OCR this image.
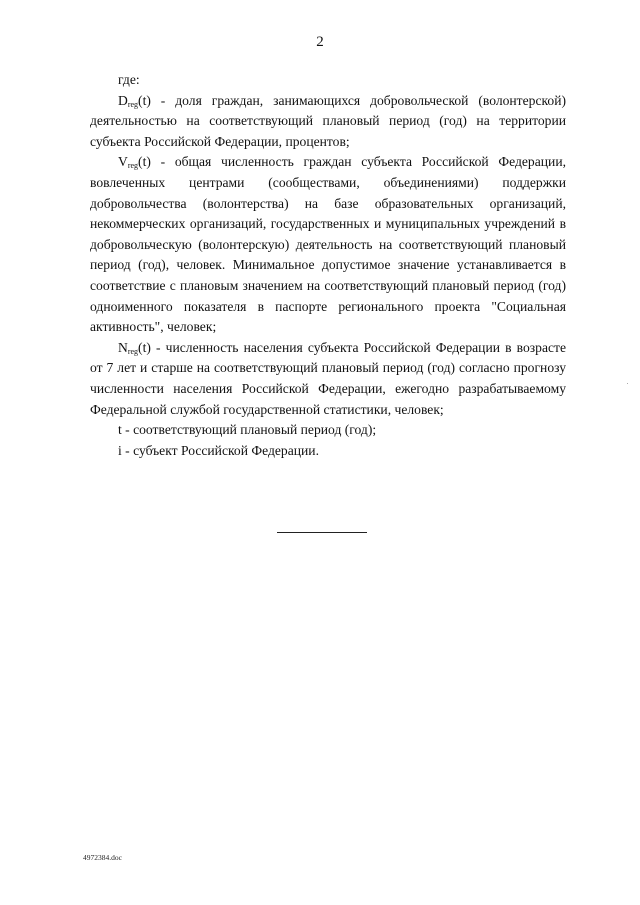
2

где:

$D_{reg}(t)$ - доля граждан, занимающихся добровольческой (волонтерской) деятельностью на соответствующий плановый период (год) на территории субъекта Российской Федерации, процентов;

$V_{reg}(t)$ - общая численность граждан субъекта Российской Федерации, вовлеченных центрами (сообществами, объединениями) поддержки добровольчества (волонтерства) на базе образовательных организаций, некоммерческих организаций, государственных и муниципальных учреждений в добровольческую (волонтерскую) деятельность на соответствующий плановый период (год), человек. Минимальное допустимое значение устанавливается в соответствие с плановым значением на соответствующий плановый период (год) одноименного показателя в паспорте регионального проекта "Социальная активность", человек;

$N_{reg}(t)$ - численность населения субъекта Российской Федерации в возрасте от 7 лет и старше на соответствующий плановый период (год) согласно прогнозу численности населения Российской Федерации, ежегодно разрабатываемому Федеральной службой государственной статистики, человек;

t - соответствующий плановый период (год);

i - субъект Российской Федерации.

4972384.doc
